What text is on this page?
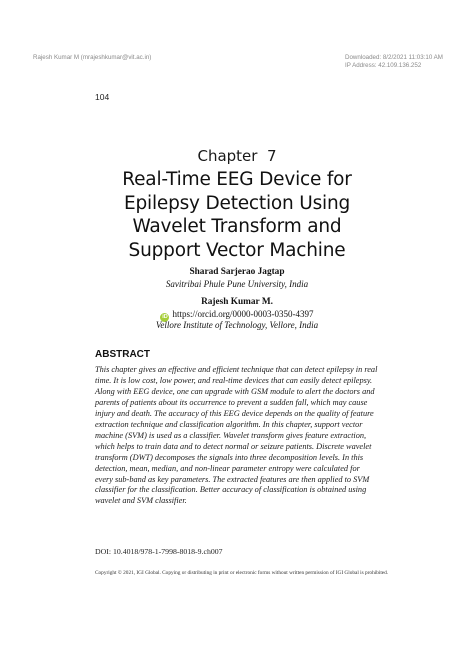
Rajesh Kumar M (mrajeshkumar@vit.ac.in)	Downloaded: 8/2/2021 11:03:10 AM
IP Address: 42.109.136.252
104
Chapter  7
Real-Time EEG Device for
Epilepsy Detection Using
Wavelet Transform and
Support Vector Machine
Sharad Sarjerao Jagtap
Savitribai Phule Pune University, India
Rajesh Kumar M.
iD https://orcid.org/0000-0003-0350-4397
Vellore Institute of Technology, Vellore, India
ABSTRACT
This chapter gives an effective and efficient technique that can detect epilepsy in real
time. It is low cost, low power, and real-time devices that can easily detect epilepsy.
Along with EEG device, one can upgrade with GSM module to alert the doctors and
parents of patients about its occurrence to prevent a sudden fall, which may cause
injury and death. The accuracy of this EEG device depends on the quality of feature
extraction technique and classification algorithm. In this chapter, support vector
machine (SVM) is used as a classifier. Wavelet transform gives feature extraction,
which helps to train data and to detect normal or seizure patients. Discrete wavelet
transform (DWT) decomposes the signals into three decomposition levels. In this
detection, mean, median, and non-linear parameter entropy were calculated for
every sub-band as key parameters. The extracted features are then applied to SVM
classifier for the classification. Better accuracy of classification is obtained using
wavelet and SVM classifier.
DOI: 10.4018/978-1-7998-8018-9.ch007
Copyright © 2021, IGI Global. Copying or distributing in print or electronic forms without written permission of IGI Global is prohibited.
